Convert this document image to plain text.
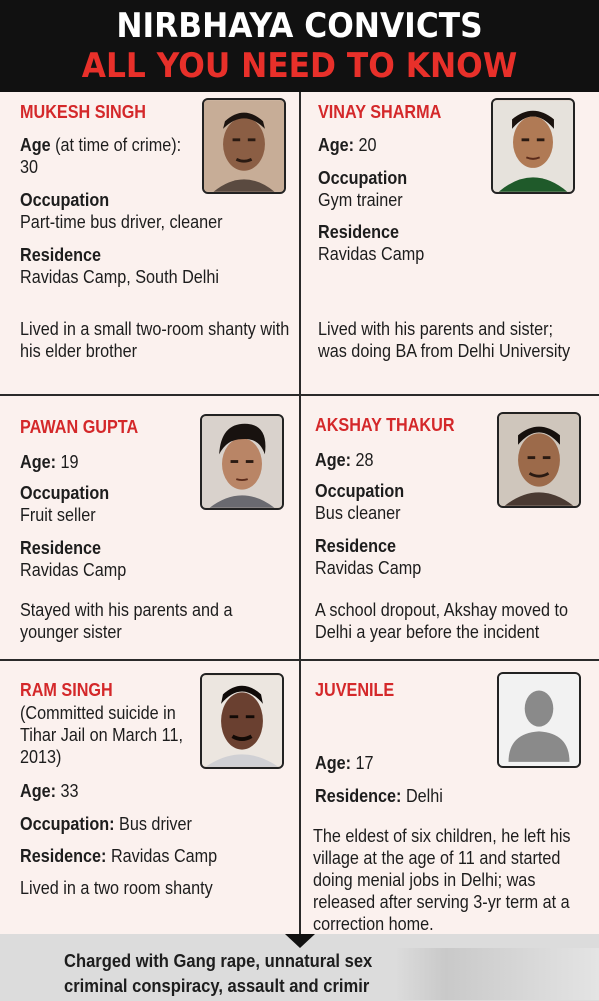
NIRBHAYA CONVICTS
ALL YOU NEED TO KNOW
MUKESH SINGH
Age (at time of crime): 30
Occupation
Part-time bus driver, cleaner
Residence
Ravidas Camp, South Delhi
Lived in a small two-room shanty with his elder brother
VINAY SHARMA
Age: 20
Occupation
Gym trainer
Residence
Ravidas Camp
Lived with his parents and sister; was doing BA from Delhi University
PAWAN GUPTA
Age: 19
Occupation
Fruit seller
Residence
Ravidas Camp
Stayed with his parents and a younger sister
AKSHAY THAKUR
Age: 28
Occupation
Bus cleaner
Residence
Ravidas Camp
A school dropout, Akshay moved to Delhi a year before the incident
RAM SINGH
(Committed suicide in Tihar Jail on March 11, 2013)
Age: 33
Occupation: Bus driver
Residence: Ravidas Camp
Lived in a two room shanty
JUVENILE
Age: 17
Residence: Delhi
The eldest of six children, he left his village at the age of 11 and started doing menial jobs in Delhi; was released after serving 3-yr term at a correction home.
Charged with Gang rape, unnatural sex
criminal conspiracy, assault and crimir
